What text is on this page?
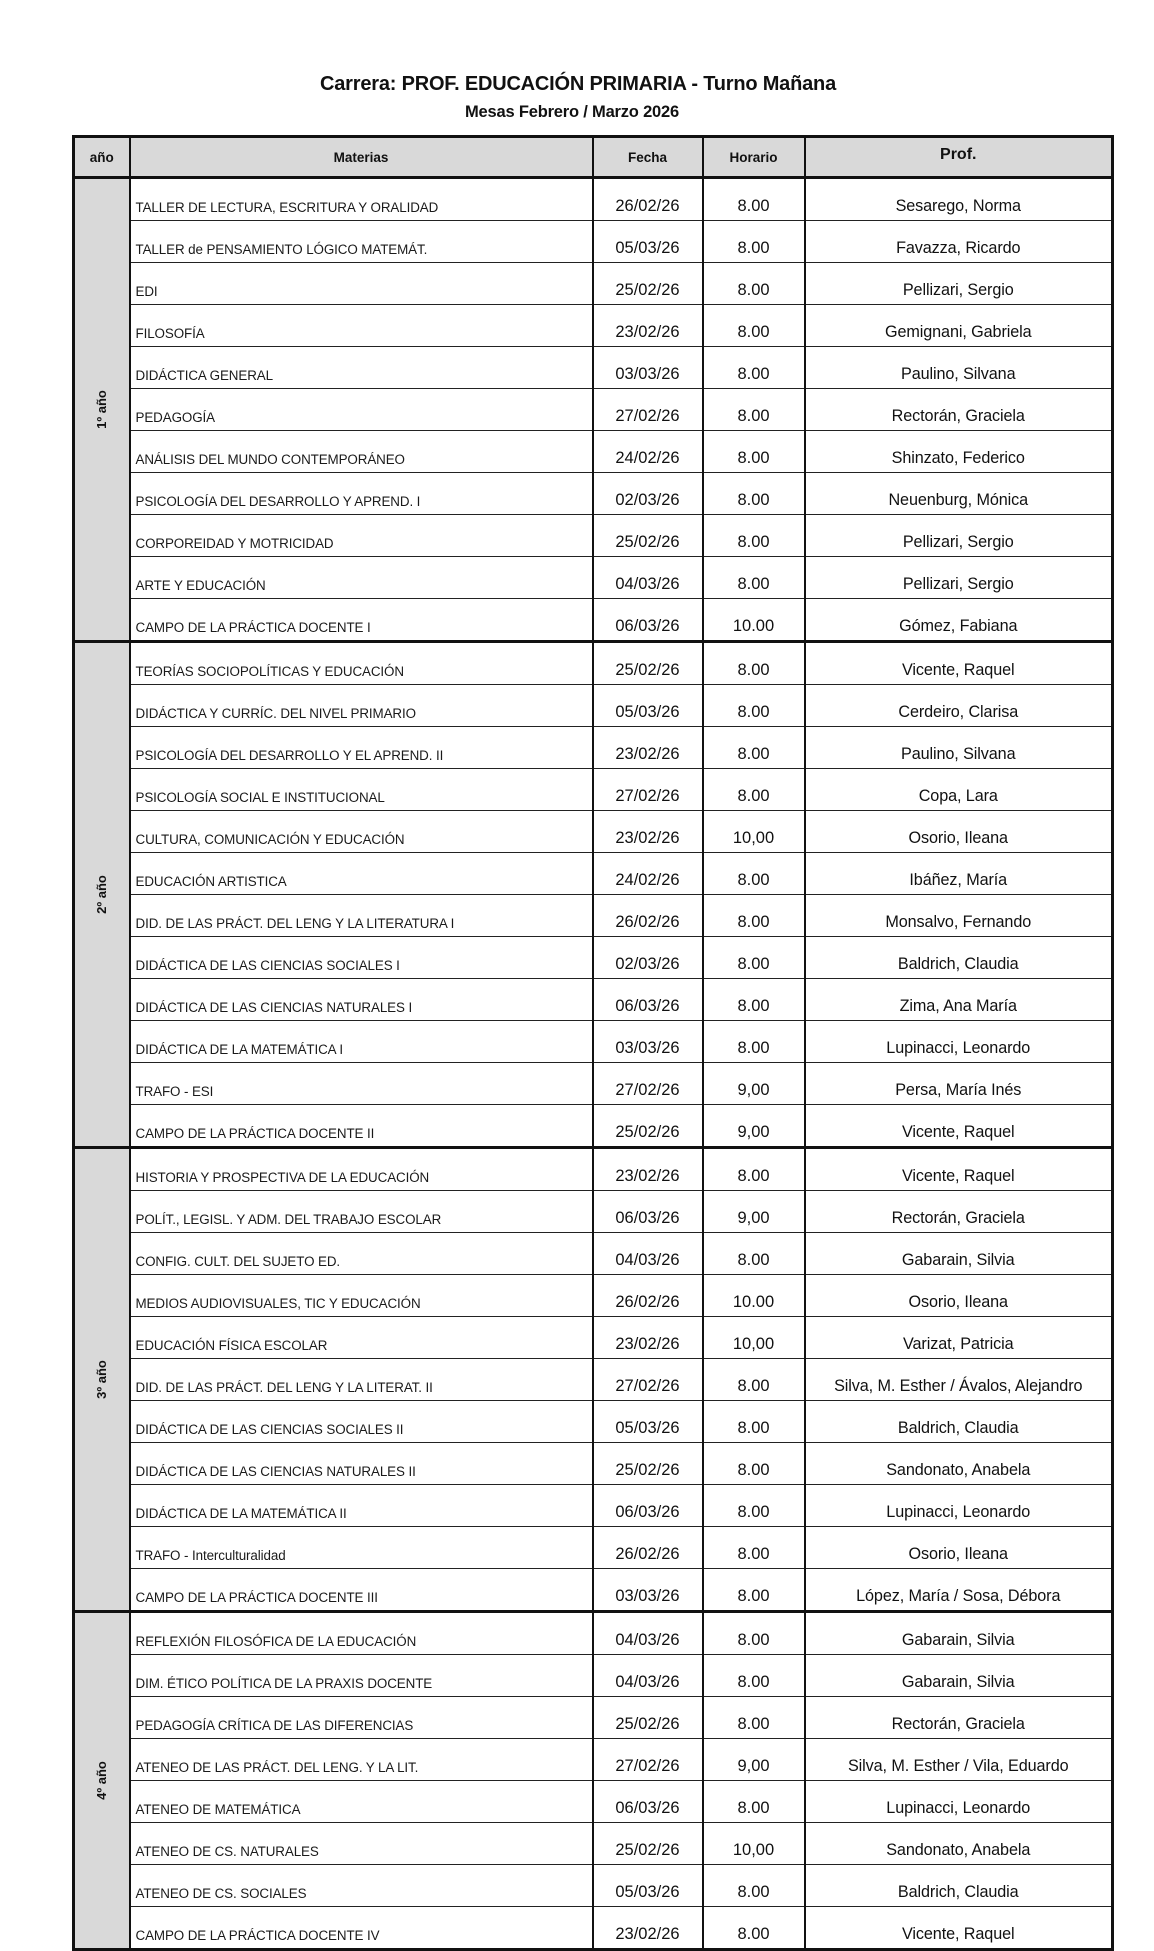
Carrera: PROF. EDUCACIÓN PRIMARIA - Turno Mañana
Mesas Febrero / Marzo 2026
año	Materias	Fecha	Horario	Prof.
1º año	TALLER DE LECTURA, ESCRITURA Y ORALIDAD	26/02/26	8.00	Sesarego, Norma
	TALLER de PENSAMIENTO LÓGICO MATEMÁT.	05/03/26	8.00	Favazza, Ricardo
	EDI	25/02/26	8.00	Pellizari, Sergio
	FILOSOFÍA	23/02/26	8.00	Gemignani, Gabriela
	DIDÁCTICA GENERAL	03/03/26	8.00	Paulino, Silvana
	PEDAGOGÍA	27/02/26	8.00	Rectorán, Graciela
	ANÁLISIS DEL MUNDO CONTEMPORÁNEO	24/02/26	8.00	Shinzato, Federico
	PSICOLOGÍA DEL DESARROLLO Y APREND. I	02/03/26	8.00	Neuenburg, Mónica
	CORPOREIDAD Y MOTRICIDAD	25/02/26	8.00	Pellizari, Sergio
	ARTE Y EDUCACIÓN	04/03/26	8.00	Pellizari, Sergio
	CAMPO DE LA PRÁCTICA DOCENTE I	06/03/26	10.00	Gómez, Fabiana
2º año	TEORÍAS SOCIOPOLÍTICAS Y EDUCACIÓN	25/02/26	8.00	Vicente, Raquel
	DIDÁCTICA Y CURRÍC. DEL NIVEL PRIMARIO	05/03/26	8.00	Cerdeiro, Clarisa
	PSICOLOGÍA DEL DESARROLLO Y EL APREND. II	23/02/26	8.00	Paulino, Silvana
	PSICOLOGÍA SOCIAL E INSTITUCIONAL	27/02/26	8.00	Copa, Lara
	CULTURA, COMUNICACIÓN Y EDUCACIÓN	23/02/26	10,00	Osorio, Ileana
	EDUCACIÓN ARTISTICA	24/02/26	8.00	Ibáñez, María
	DID. DE LAS PRÁCT. DEL LENG Y LA LITERATURA I	26/02/26	8.00	Monsalvo, Fernando
	DIDÁCTICA DE LAS CIENCIAS SOCIALES I	02/03/26	8.00	Baldrich, Claudia
	DIDÁCTICA DE LAS CIENCIAS NATURALES I	06/03/26	8.00	Zima, Ana María
	DIDÁCTICA DE LA MATEMÁTICA I	03/03/26	8.00	Lupinacci, Leonardo
	TRAFO - ESI	27/02/26	9,00	Persa, María Inés
	CAMPO DE LA PRÁCTICA DOCENTE II	25/02/26	9,00	Vicente, Raquel
3º año	HISTORIA Y PROSPECTIVA DE LA EDUCACIÓN	23/02/26	8.00	Vicente, Raquel
	POLÍT., LEGISL. Y ADM. DEL TRABAJO ESCOLAR	06/03/26	9,00	Rectorán, Graciela
	CONFIG. CULT. DEL SUJETO ED.	04/03/26	8.00	Gabarain, Silvia
	MEDIOS AUDIOVISUALES, TIC Y EDUCACIÓN	26/02/26	10.00	Osorio, Ileana
	EDUCACIÓN FÍSICA ESCOLAR	23/02/26	10,00	Varizat, Patricia
	DID. DE LAS PRÁCT. DEL LENG Y LA LITERAT. II	27/02/26	8.00	Silva, M. Esther / Ávalos, Alejandro
	DIDÁCTICA DE LAS CIENCIAS SOCIALES II	05/03/26	8.00	Baldrich, Claudia
	DIDÁCTICA DE LAS CIENCIAS NATURALES II	25/02/26	8.00	Sandonato, Anabela
	DIDÁCTICA DE LA MATEMÁTICA II	06/03/26	8.00	Lupinacci, Leonardo
	TRAFO - Interculturalidad	26/02/26	8.00	Osorio, Ileana
	CAMPO DE LA PRÁCTICA DOCENTE III	03/03/26	8.00	López, María / Sosa, Débora
4º año	REFLEXIÓN FILOSÓFICA DE LA EDUCACIÓN	04/03/26	8.00	Gabarain, Silvia
	DIM. ÉTICO POLÍTICA DE LA PRAXIS DOCENTE	04/03/26	8.00	Gabarain, Silvia
	PEDAGOGÍA CRÍTICA DE LAS DIFERENCIAS	25/02/26	8.00	Rectorán, Graciela
	ATENEO DE LAS PRÁCT. DEL LENG. Y LA LIT.	27/02/26	9,00	Silva, M. Esther / Vila, Eduardo
	ATENEO DE MATEMÁTICA	06/03/26	8.00	Lupinacci, Leonardo
	ATENEO DE CS. NATURALES	25/02/26	10,00	Sandonato, Anabela
	ATENEO DE CS. SOCIALES	05/03/26	8.00	Baldrich, Claudia
	CAMPO DE LA PRÁCTICA DOCENTE IV	23/02/26	8.00	Vicente, Raquel
